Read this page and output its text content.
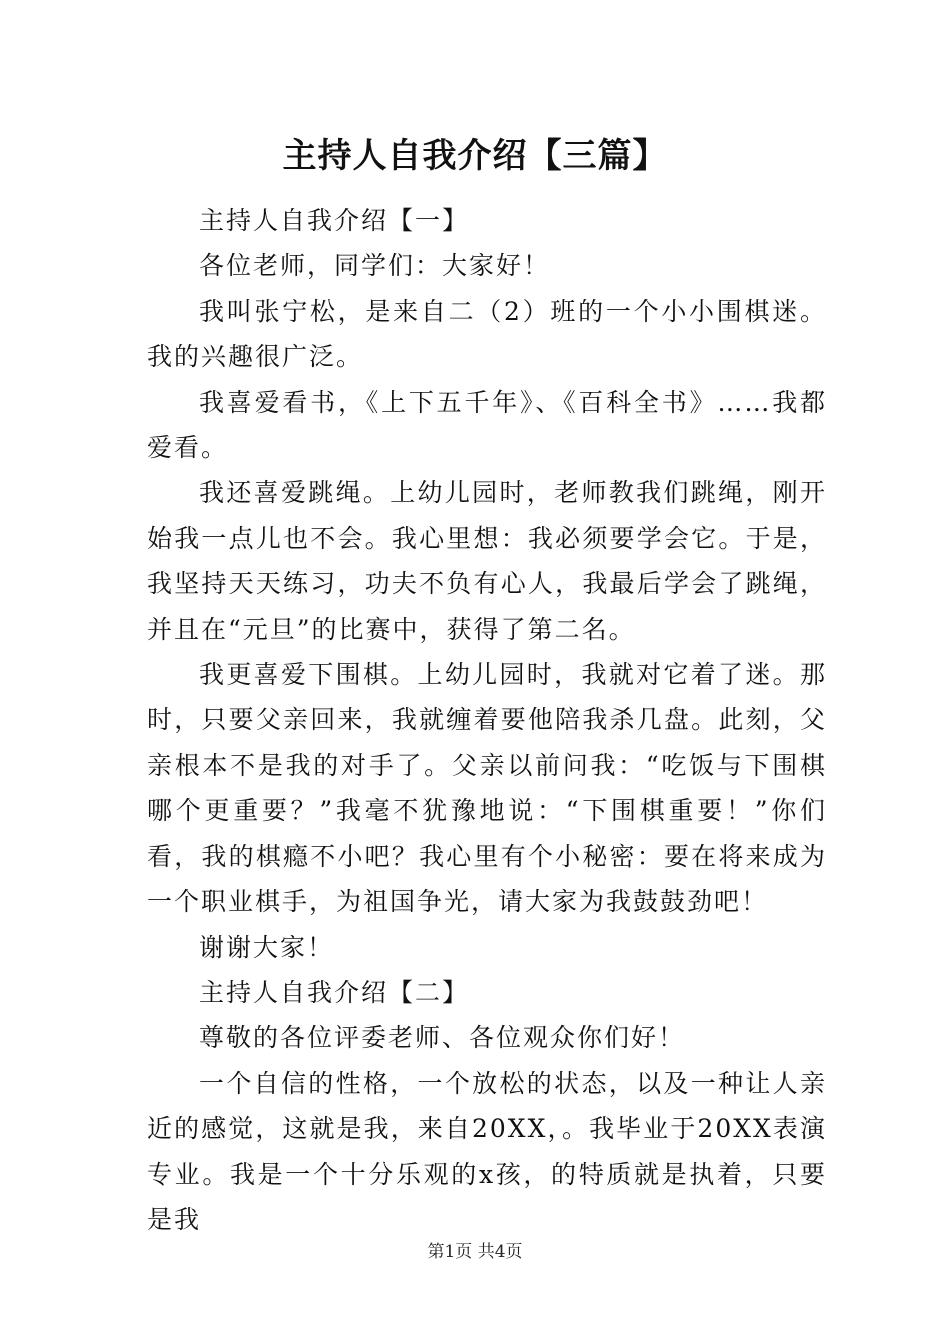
主持人自我介绍【三篇】

主持人自我介绍【一】

各位老师，同学们：大家好！

我叫张宁松，是来自二（2）班的一个小小围棋迷。我的兴趣很广泛。

我喜爱看书，《上下五千年》、《百科全书》……我都爱看。

我还喜爱跳绳。上幼儿园时，老师教我们跳绳，刚开始我一点儿也不会。我心里想：我必须要学会它。于是，我坚持天天练习，功夫不负有心人，我最后学会了跳绳，并且在“元旦”的比赛中，获得了第二名。

我更喜爱下围棋。上幼儿园时，我就对它着了迷。那时，只要父亲回来，我就缠着要他陪我杀几盘。此刻，父亲根本不是我的对手了。父亲以前问我：“吃饭与下围棋哪个更重要？”我毫不犹豫地说：“下围棋重要！”你们看，我的棋瘾不小吧？我心里有个小秘密：要在将来成为一个职业棋手，为祖国争光，请大家为我鼓鼓劲吧！

谢谢大家！

主持人自我介绍【二】

尊敬的各位评委老师、各位观众你们好！

一个自信的性格，一个放松的状态，以及一种让人亲近的感觉，这就是我，来自20XX，。我毕业于20XX表演专业。我是一个十分乐观的x孩，的特质就是执着，只要是我

第1页 共4页
